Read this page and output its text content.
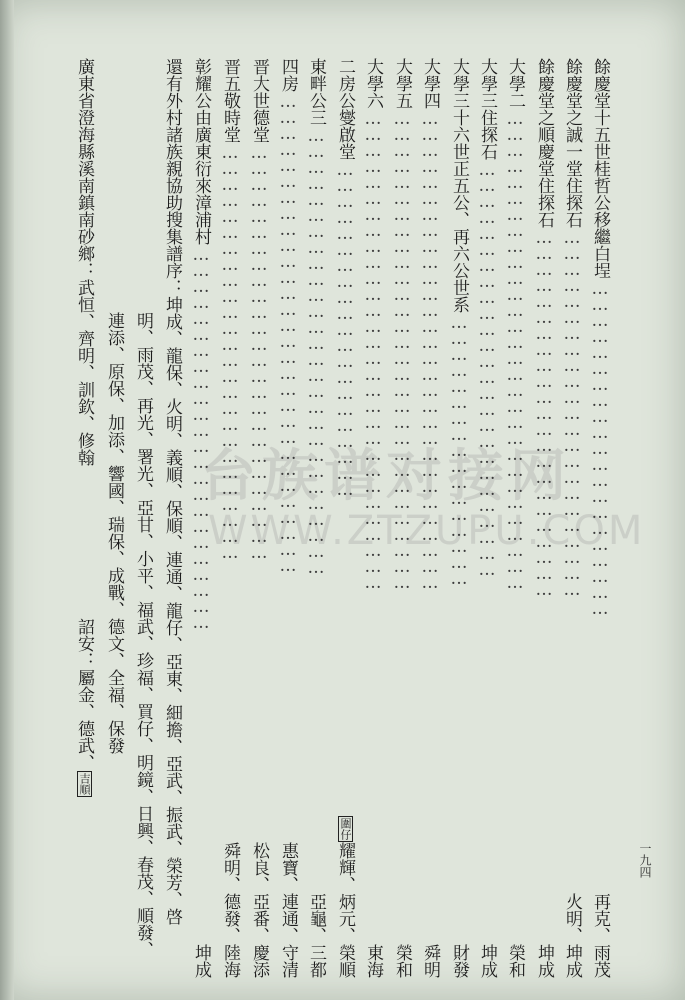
台族谱对接网
WWW.ZTZUPU.COM
一九四
餘慶堂十五世桂哲公移繼白埕………………………………………………………
再克、雨茂
餘慶堂之誠一堂住探石……………………………………………………………
火明、坤成
餘慶堂之順慶堂住探石……………………………………………………………
坤成
大學二………………………………………………………………………………
榮和
大學三住探石……………………………………………………………………
坤成
大學三十六世正五公、再六公世系……………………………………………
財發
大學四………………………………………………………………………………
舜明
大學五………………………………………………………………………………
榮和
大學六………………………………………………………………………………
東海
二房公燮啟堂………………………………………………………
圍仔耀輝、炳元、榮順
東畔公三…………………………………………………………………………
亞龜、三都
四房………………………………………………………………………………
惠寶、連通、守清
晋大世德堂……………………………………………………………………
松良、亞番、慶添
晋五敬時堂……………………………………………………………………
舜明、德發、陸海
彰耀公由廣東衍來漳浦村………………………………………………………………
坤成
還有外村諸族親協助搜集譜序：坤成、龍保、火明、義順、保順、連通、龍仔、亞東、細擔、亞武、振武、榮芳、啓
明、雨茂、再光、署光、亞甘、小平、福武、珍福、買仔、明鏡、日興、春茂、順發、
連添、原保、加添、響國、瑞保、成戰、德文、全福、保發
廣東省澄海縣溪南鎮南砂鄉：武恒、齊明、訓欽、修翰
詔安：屬金、德武、吉順
